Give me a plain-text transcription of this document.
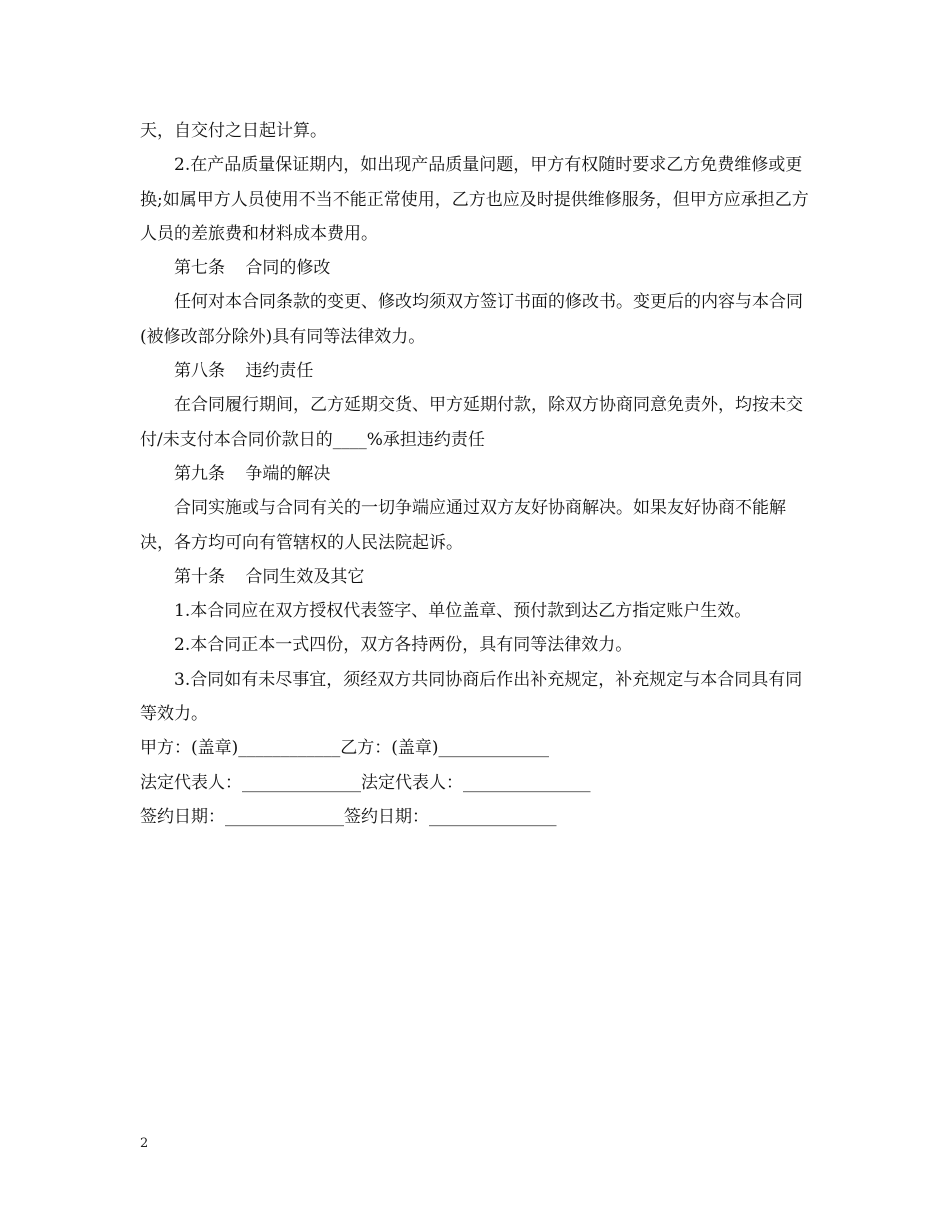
天，自交付之日起计算。

2.在产品质量保证期内，如出现产品质量问题，甲方有权随时要求乙方免费维修或更换;如属甲方人员使用不当不能正常使用，乙方也应及时提供维修服务，但甲方应承担乙方人员的差旅费和材料成本费用。

第七条 合同的修改

任何对本合同条款的变更、修改均须双方签订书面的修改书。变更后的内容与本合同(被修改部分除外)具有同等法律效力。

第八条 违约责任

在合同履行期间，乙方延期交货、甲方延期付款，除双方协商同意免责外，均按未交付/未支付本合同价款日的____%承担违约责任

第九条 争端的解决

合同实施或与合同有关的一切争端应通过双方友好协商解决。如果友好协商不能解决，各方均可向有管辖权的人民法院起诉。

第十条 合同生效及其它

1.本合同应在双方授权代表签字、单位盖章、预付款到达乙方指定账户生效。

2.本合同正本一式四份，双方各持两份，具有同等法律效力。

3.合同如有未尽事宜，须经双方共同协商后作出补充规定，补充规定与本合同具有同等效力。

甲方：(盖章)____________乙方：(盖章)_____________

法定代表人：______________法定代表人：_______________

签约日期：______________签约日期：_______________

2
